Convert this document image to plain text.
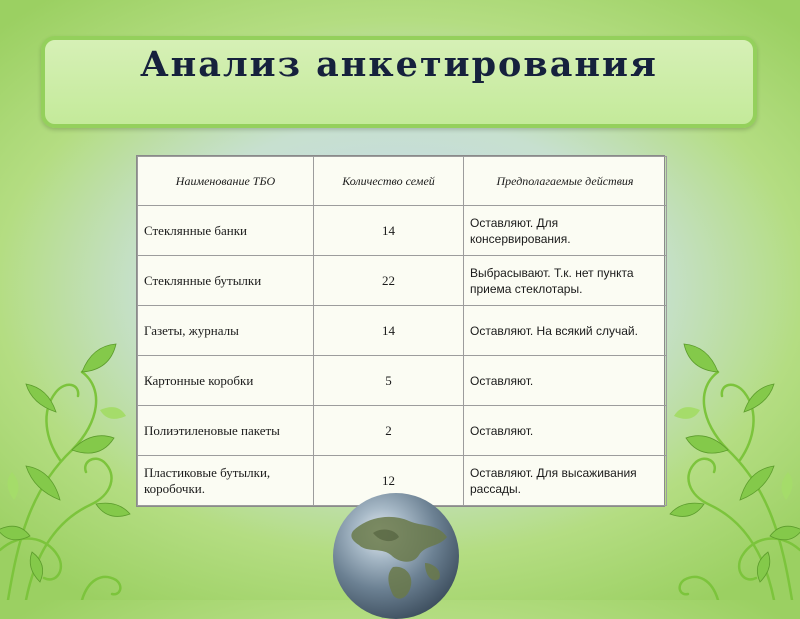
Анализ анкетирования
Наименование ТБО	Количество семей	Предполагаемые действия
Стеклянные банки	14	Оставляют. Для консервирования.
Стеклянные бутылки	22	Выбрасывают. Т.к. нет пункта приема стеклотары.
Газеты, журналы	14	Оставляют. На всякий случай.
Картонные коробки	5	Оставляют.
Полиэтиленовые пакеты	2	Оставляют.
Пластиковые бутылки, коробочки.	12	Оставляют. Для высаживания рассады.
